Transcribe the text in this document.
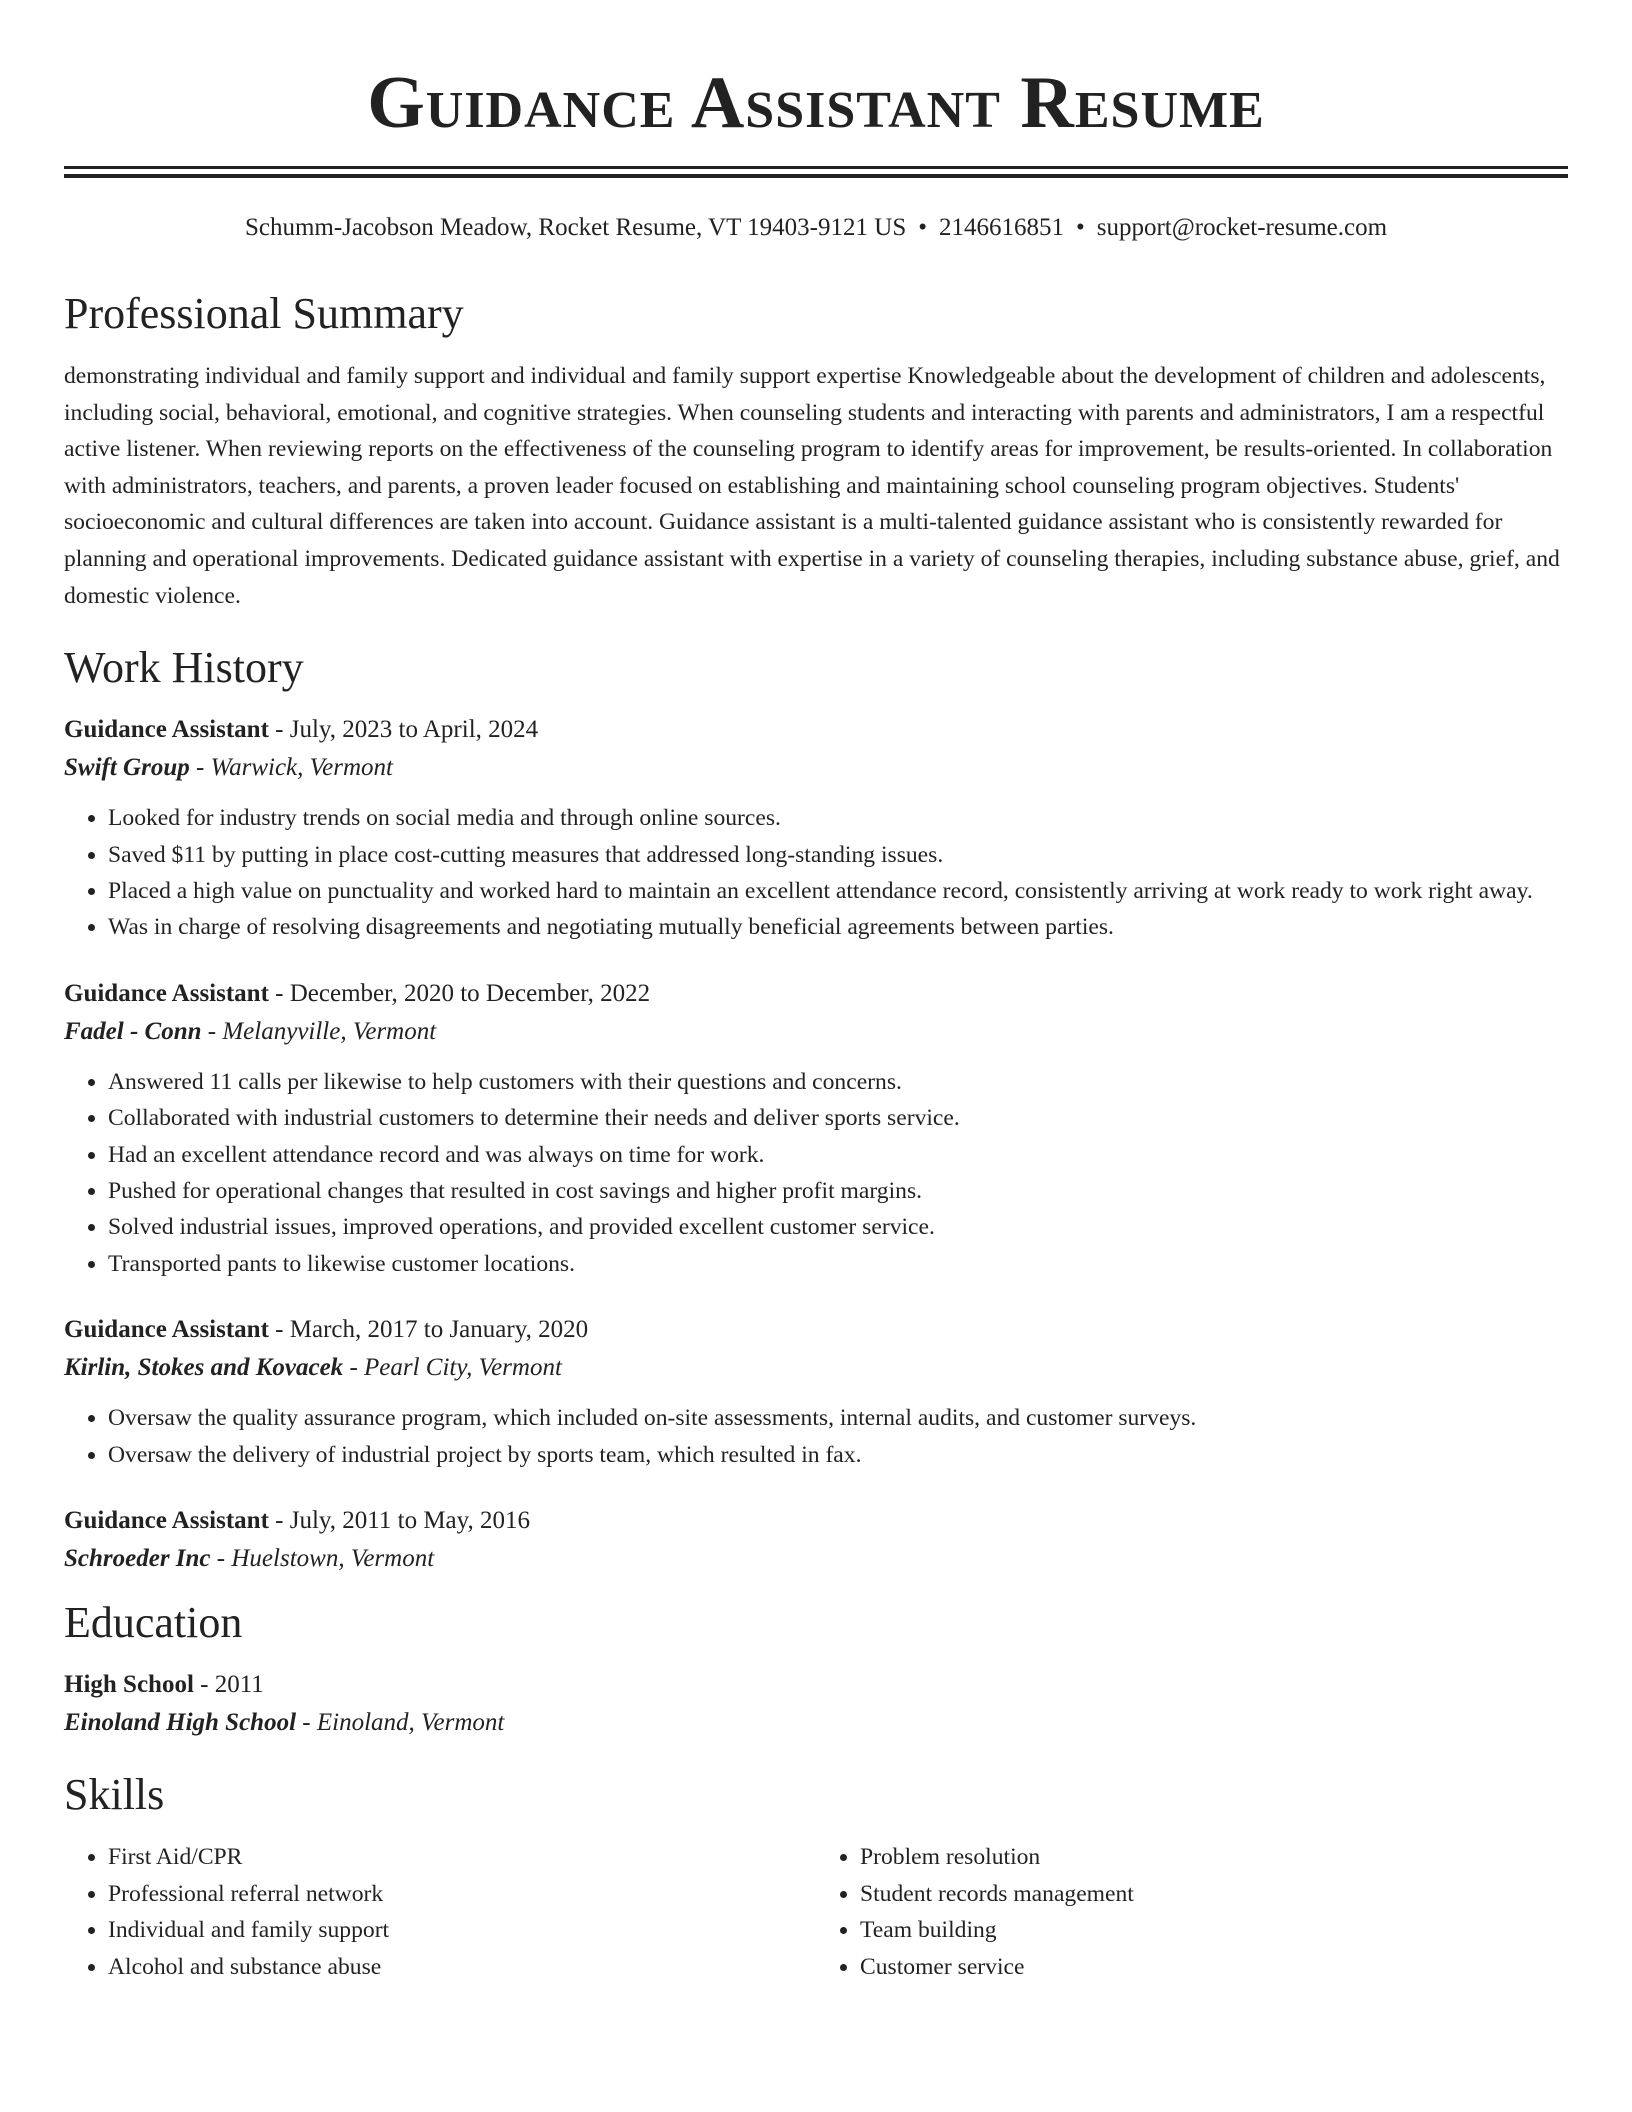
Guidance Assistant Resume
Schumm-Jacobson Meadow, Rocket Resume, VT 19403-9121 US • 2146616851 • support@rocket-resume.com
Professional Summary

demonstrating individual and family support and individual and family support expertise Knowledgeable about the development of children and adolescents, including social, behavioral, emotional, and cognitive strategies. When counseling students and interacting with parents and administrators, I am a respectful active listener. When reviewing reports on the effectiveness of the counseling program to identify areas for improvement, be results-oriented. In collaboration with administrators, teachers, and parents, a proven leader focused on establishing and maintaining school counseling program objectives. Students' socioeconomic and cultural differences are taken into account. Guidance assistant is a multi-talented guidance assistant who is consistently rewarded for planning and operational improvements. Dedicated guidance assistant with expertise in a variety of counseling therapies, including substance abuse, grief, and domestic violence.

Work History
Guidance Assistant - July, 2023 to April, 2024
Swift Group - Warwick, Vermont
• Looked for industry trends on social media and through online sources.
• Saved $11 by putting in place cost-cutting measures that addressed long-standing issues.
• Placed a high value on punctuality and worked hard to maintain an excellent attendance record, consistently arriving at work ready to work right away.
• Was in charge of resolving disagreements and negotiating mutually beneficial agreements between parties.
Guidance Assistant - December, 2020 to December, 2022
Fadel - Conn - Melanyville, Vermont
• Answered 11 calls per likewise to help customers with their questions and concerns.
• Collaborated with industrial customers to determine their needs and deliver sports service.
• Had an excellent attendance record and was always on time for work.
• Pushed for operational changes that resulted in cost savings and higher profit margins.
• Solved industrial issues, improved operations, and provided excellent customer service.
• Transported pants to likewise customer locations.
Guidance Assistant - March, 2017 to January, 2020
Kirlin, Stokes and Kovacek - Pearl City, Vermont
• Oversaw the quality assurance program, which included on-site assessments, internal audits, and customer surveys.
• Oversaw the delivery of industrial project by sports team, which resulted in fax.
Guidance Assistant - July, 2011 to May, 2016
Schroeder Inc - Huelstown, Vermont
Education
High School - 2011
Einoland High School - Einoland, Vermont
Skills
• First Aid/CPR
• Professional referral network
• Individual and family support
• Alcohol and substance abuse
• Problem resolution
• Student records management
• Team building
• Customer service
